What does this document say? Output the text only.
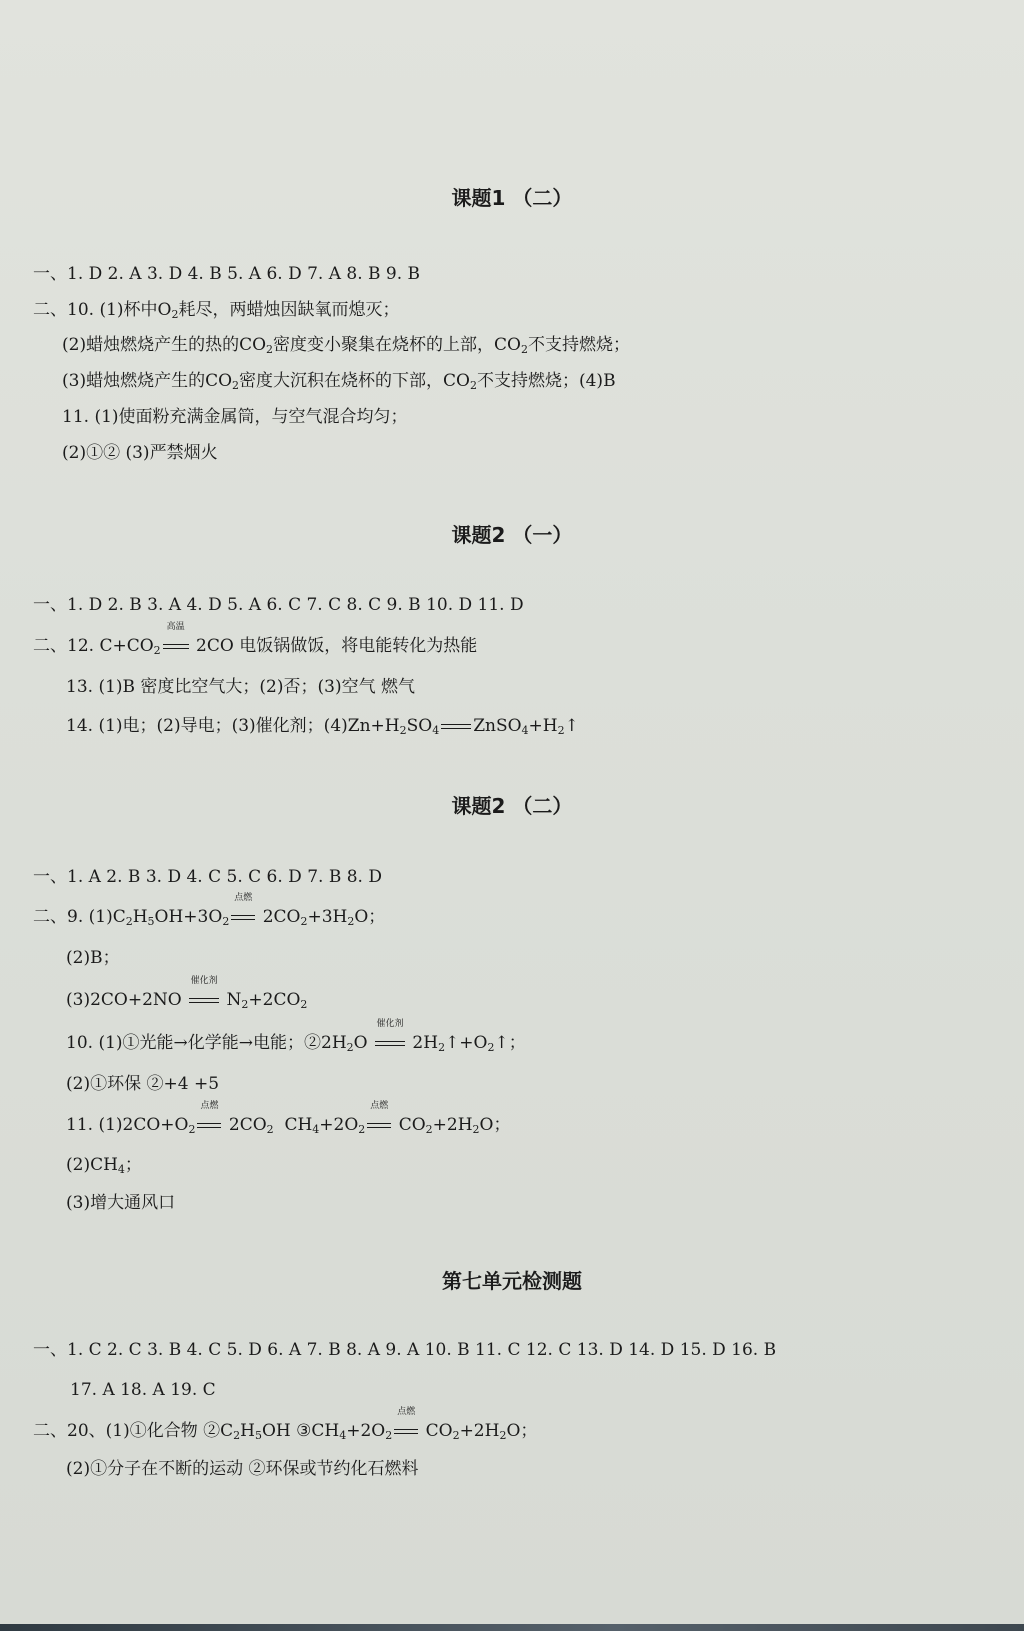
课题1 （二）
一、1. D 2. A 3. D 4. B 5. A 6. D 7. A 8. B 9. B
二、10. (1)杯中$O_2$耗尽，两蜡烛因缺氧而熄灭；
(2)蜡烛燃烧产生的热的$CO_2$密度变小聚集在烧杯的上部，$CO_2$不支持燃烧；
(3)蜡烛燃烧产生的$CO_2$密度大沉积在烧杯的下部，$CO_2$不支持燃烧；(4)B
11. (1)使面粉充满金属筒，与空气混合均匀；
(2)①② (3)严禁烟火
课题2 （一）
一、1. D 2. B 3. A 4. D 5. A 6. C 7. C 8. C 9. B 10. D 11. D
二、12. $C+CO_2$
高温
2CO 电饭锅做饭，将电能转化为热能
13. (1)B 密度比空气大；(2)否；(3)空气 燃气
14. (1)电；(2)导电；(3)催化剂；$(4)Zn+H_2SO_4$ $ZnSO_4+H_2↑$
课题2 （二）
一、1. A 2. B 3. D 4. C 5. C 6. D 7. B 8. D
二、9. $(1)C_2H_5OH+3O_2$
点燃
$2CO_2+3H_2O$；
(2)B；
(3)2CO+2NO
催化剂
$N_2+2CO_2$
10. (1)①光能→化学能→电能；$②2H_2O$
催化剂
$2H_2↑+O_2↑$；
(2)①环保 ②+4 +5
11. $(1)2CO+O_2$
点燃
$2CO_2$  $CH_4+2O_2$
点燃
$CO_2+2H_2O$；
$(2)CH_4$；
(3)增大通风口
第七单元检测题
一、1. C 2. C 3. B 4. C 5. D 6. A 7. B 8. A 9. A 10. B 11. C 12. C 13. D 14. D 15. D 16. B
17. A 18. A 19. C
二、20、(1)①化合物 $②C_2H_5OH$ $③CH_4+2O_2$
点燃
$CO_2+2H_2O$；
(2)①分子在不断的运动 ②环保或节约化石燃料
